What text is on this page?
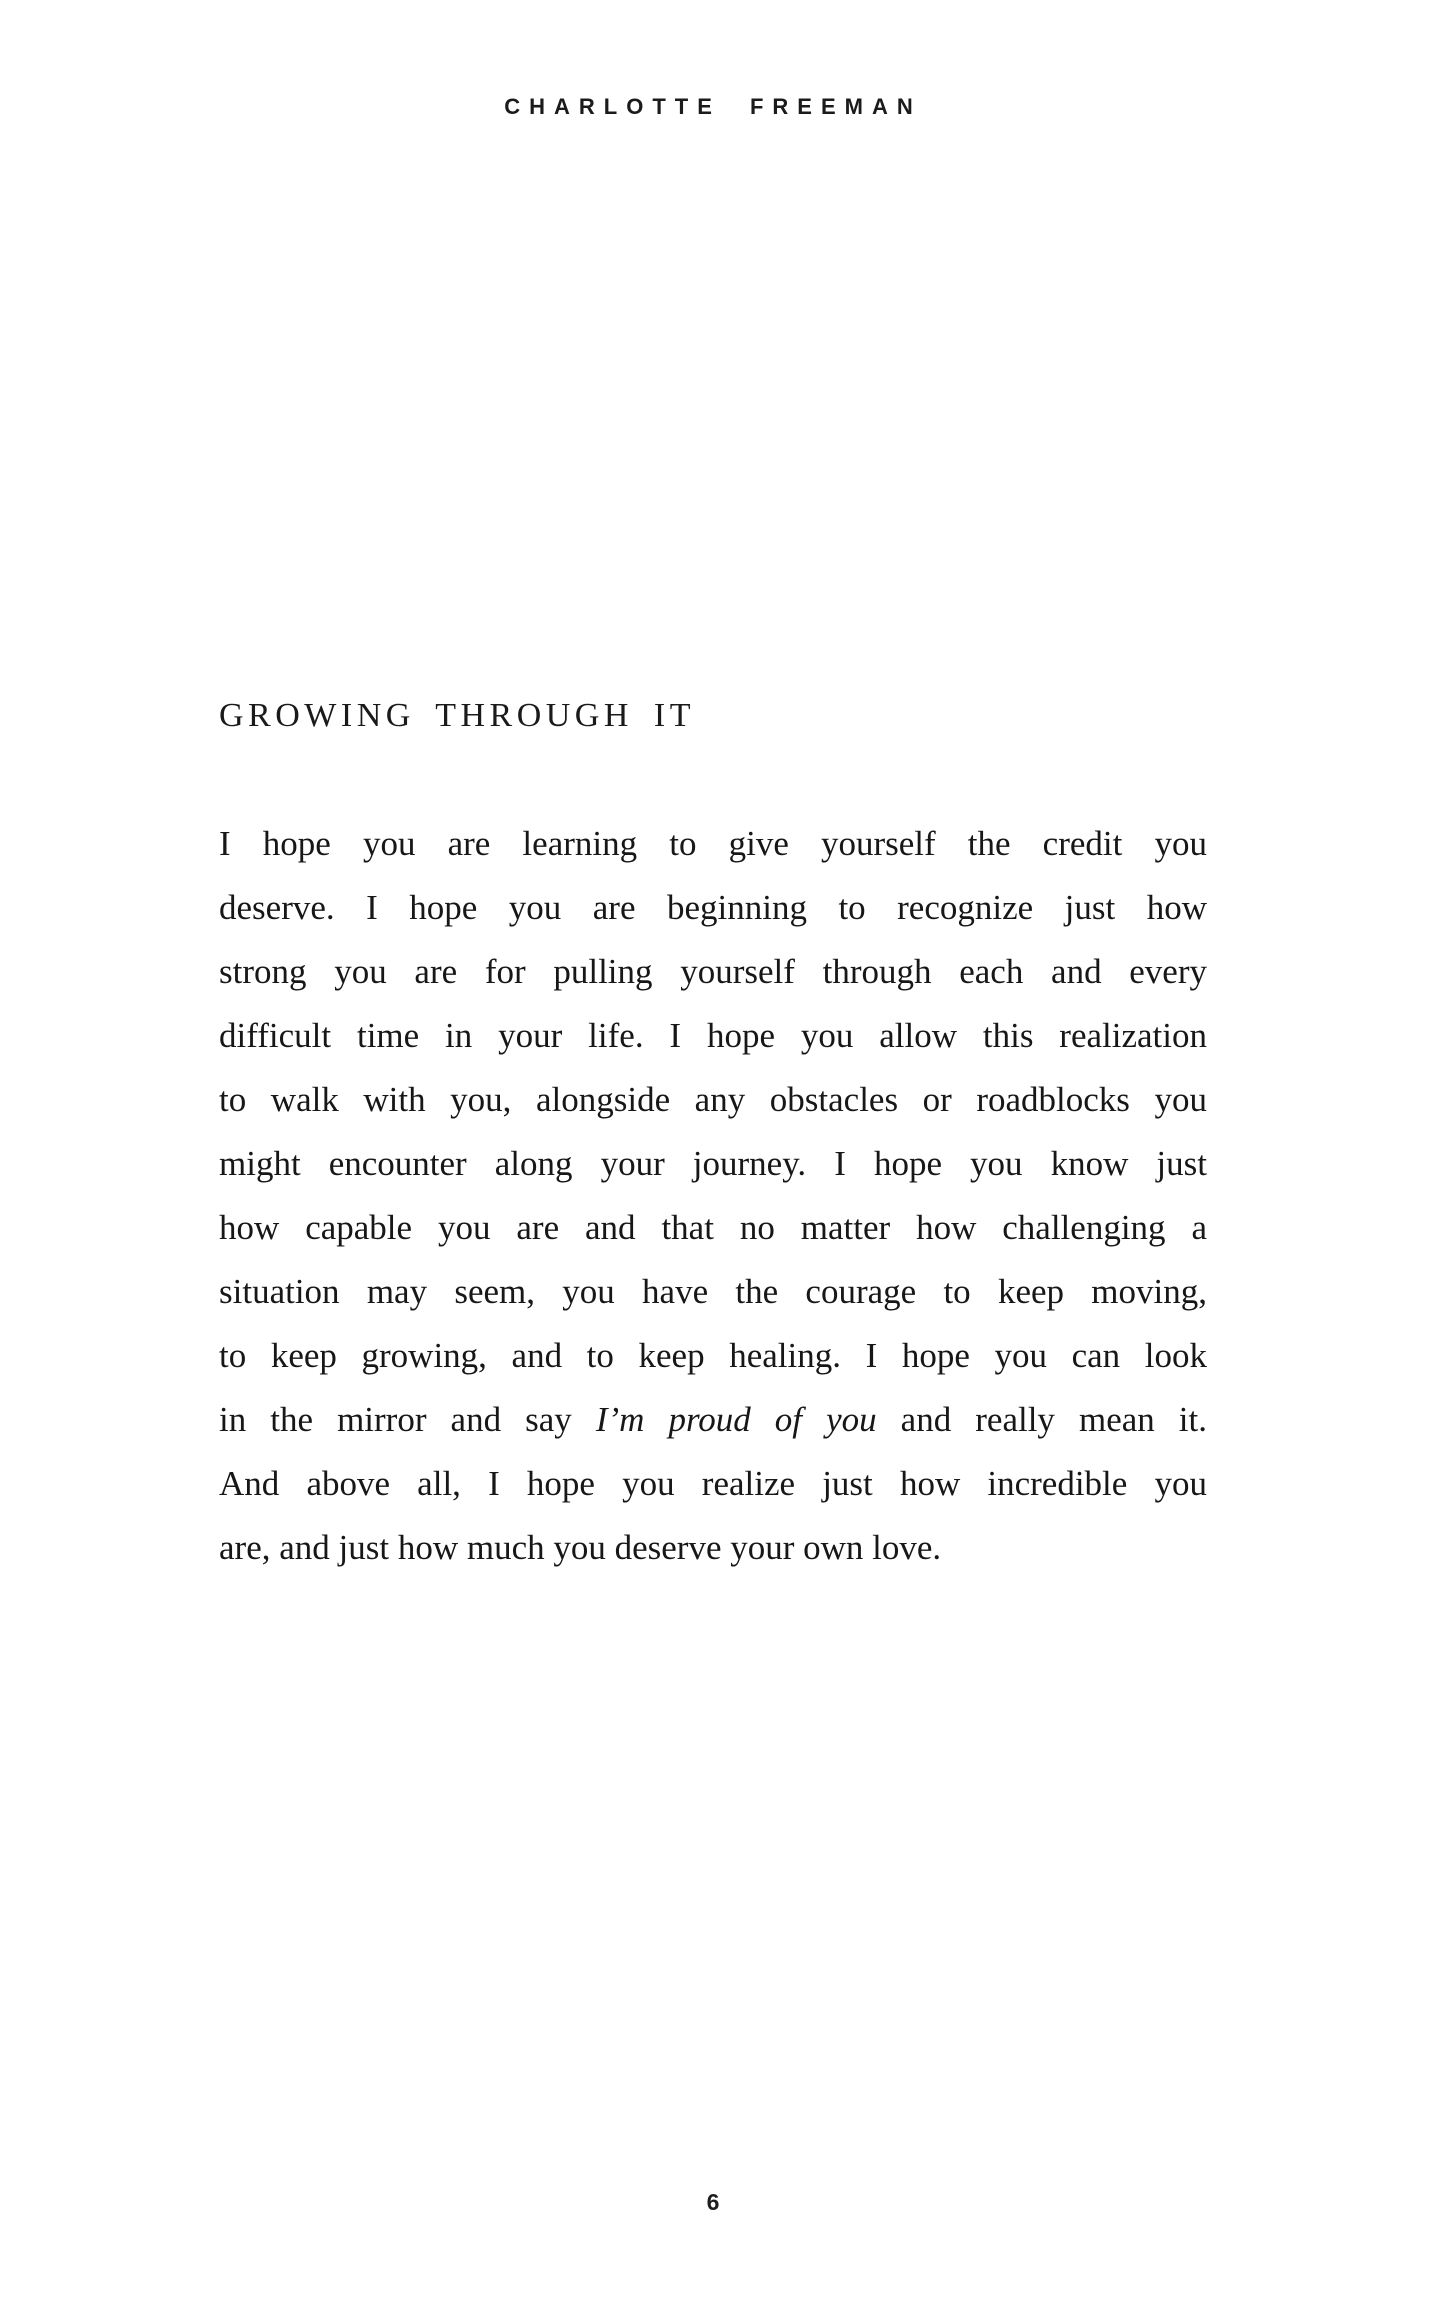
CHARLOTTE FREEMAN
GROWING THROUGH IT
I hope you are learning to give yourself the credit you
deserve. I hope you are beginning to recognize just how
strong you are for pulling yourself through each and every
difficult time in your life. I hope you allow this realization
to walk with you, alongside any obstacles or roadblocks you
might encounter along your journey. I hope you know just
how capable you are and that no matter how challenging a
situation may seem, you have the courage to keep moving,
to keep growing, and to keep healing. I hope you can look
in the mirror and say I’m proud of you and really mean it.
And above all, I hope you realize just how incredible you
are, and just how much you deserve your own love.
6
